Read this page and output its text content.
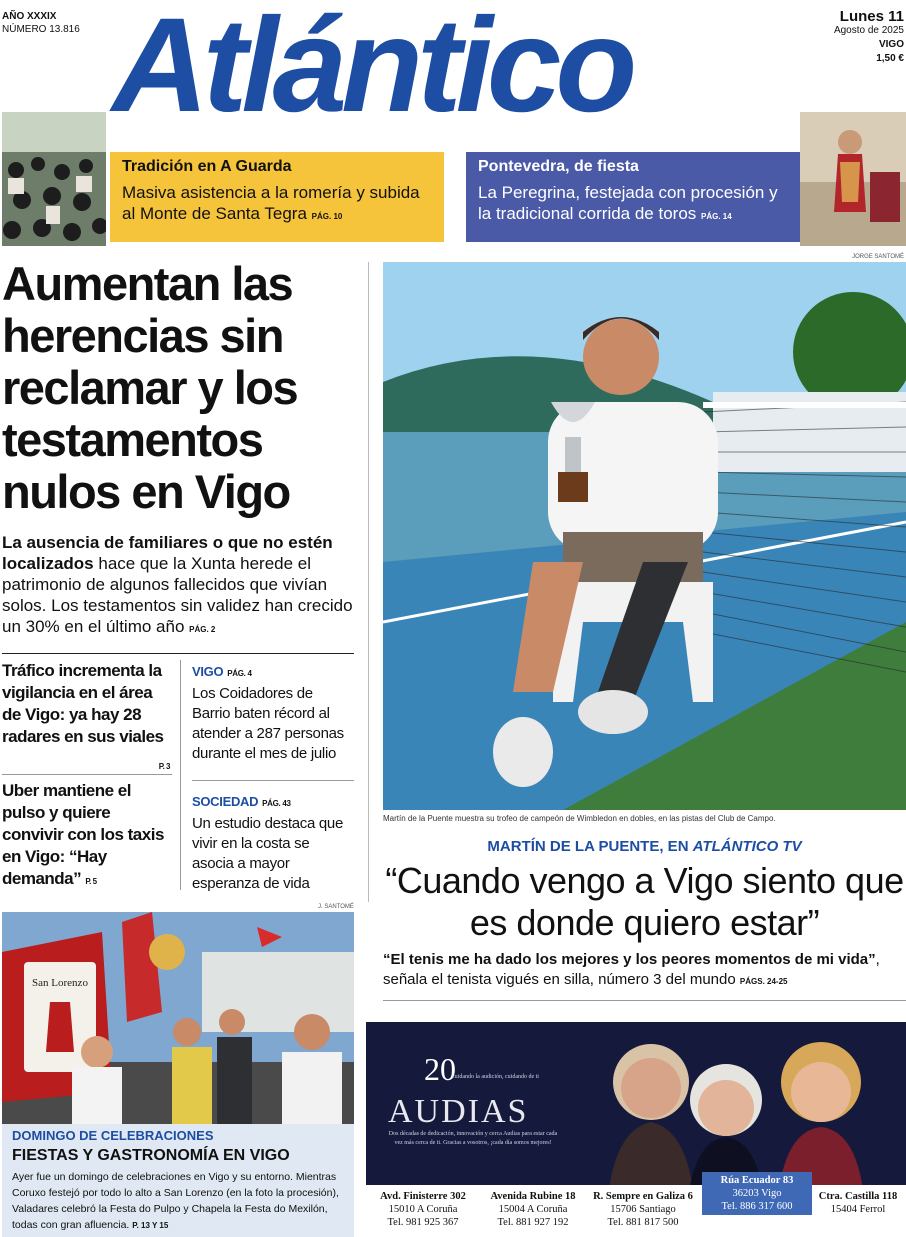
AÑO XXXIX
NÚMERO 13.816 Atlántico	Lunes 11
Agosto de 2025
VIGO
1,50 €
Tradición en A Guarda
Masiva asistencia a la romería y subida al Monte de Santa Tegra PÁG. 10
Pontevedra, de fiesta
La Peregrina, festejada con procesión y la tradicional corrida de toros PÁG. 14
Aumentan las herencias sin reclamar y los testamentos nulos en Vigo
La ausencia de familiares o que no estén localizados hace que la Xunta herede el patrimonio de algunos fallecidos que vivían solos. Los testamentos sin validez han crecido un 30% en el último año PÁG. 2
Tráfico incrementa la vigilancia en el área de Vigo: ya hay 28 radares en sus viales
P. 3
Uber mantiene el pulso y quiere convivir con los taxis en Vigo: “Hay demanda” P. 5
VIGO PÁG. 4
Los Coidadores de Barrio baten récord al atender a 287 personas durante el mes de julio
SOCIEDAD PÁG. 43
Un estudio destaca que vivir en la costa se asocia a mayor esperanza de vida
JORGE SANTOMÉ
Martín de la Puente muestra su trofeo de campeón de Wimbledon en dobles, en las pistas del Club de Campo.
MARTÍN DE LA PUENTE, EN ATLÁNTICO TV
“Cuando vengo a Vigo siento que es donde quiero estar”
“El tenis me ha dado los mejores y los peores momentos de mi vida”, señala el tenista vigués en silla, número 3 del mundo PÁGS. 24-25
J. SANTOMÉ
San Lorenzo
DOMINGO DE CELEBRACIONES
FIESTAS Y GASTRONOMÍA EN VIGO
Ayer fue un domingo de celebraciones en Vigo y su entorno. Mientras Coruxo festejó por todo lo alto a San Lorenzo (en la foto la procesión), Valadares celebró la Festa do Pulpo y Chapela la Festa do Mexilón, todas con gran afluencia. P. 13 Y 15
20
cuidando la audición, cuidando de ti
AUDIAS
Dos décadas de dedicación, innovación y cerca Audias para estar cada vez más cerca de ti. Gracias a vosotros, ¡cada día somos mejores!
Avd. Finisterre 302
15010 A Coruña
Tel. 981 925 367
Avenida Rubine 18
15004 A Coruña
Tel. 881 927 192
R. Sempre en Galiza 6
15706 Santiago
Tel. 881 817 500
Rúa Ecuador 83
36203 Vigo
Tel. 886 317 600
Ctra. Castilla 118
15404 Ferrol
